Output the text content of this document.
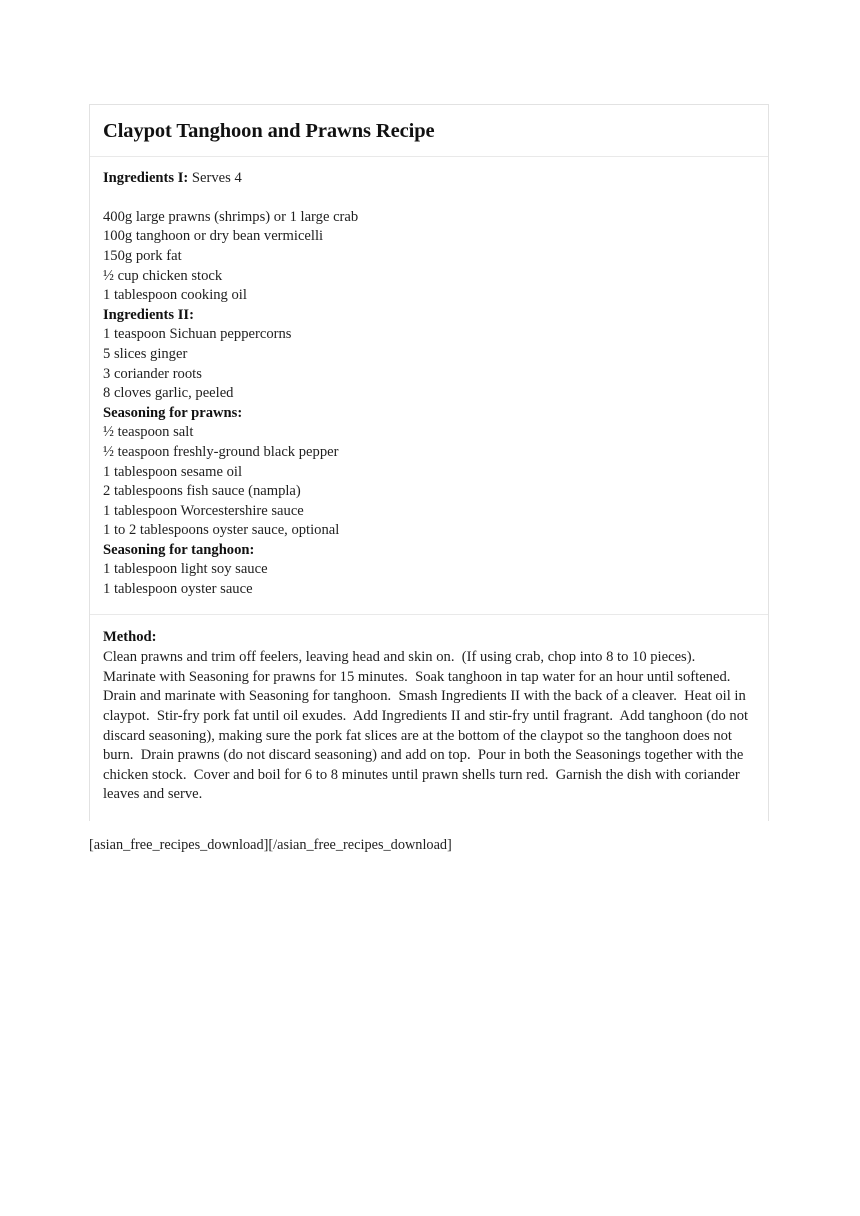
Claypot Tanghoon and Prawns Recipe
Ingredients I: Serves 4

400g large prawns (shrimps) or 1 large crab
100g tanghoon or dry bean vermicelli
150g pork fat
½ cup chicken stock
1 tablespoon cooking oil
Ingredients II:
1 teaspoon Sichuan peppercorns
5 slices ginger
3 coriander roots
8 cloves garlic, peeled
Seasoning for prawns:
½ teaspoon salt
½ teaspoon freshly-ground black pepper
1 tablespoon sesame oil
2 tablespoons fish sauce (nampla)
1 tablespoon Worcestershire sauce
1 to 2 tablespoons oyster sauce, optional
Seasoning for tanghoon:
1 tablespoon light soy sauce
1 tablespoon oyster sauce
Method:
Clean prawns and trim off feelers, leaving head and skin on.  (If using crab, chop into 8 to 10 pieces).  Marinate with Seasoning for prawns for 15 minutes.  Soak tanghoon in tap water for an hour until softened.  Drain and marinate with Seasoning for tanghoon.  Smash Ingredients II with the back of a cleaver.  Heat oil in claypot.  Stir-fry pork fat until oil exudes.  Add Ingredients II and stir-fry until fragrant.  Add tanghoon (do not discard seasoning), making sure the pork fat slices are at the bottom of the claypot so the tanghoon does not burn.  Drain prawns (do not discard seasoning) and add on top.  Pour in both the Seasonings together with the chicken stock.  Cover and boil for 6 to 8 minutes until prawn shells turn red.  Garnish the dish with coriander leaves and serve.
[asian_free_recipes_download][/asian_free_recipes_download]
